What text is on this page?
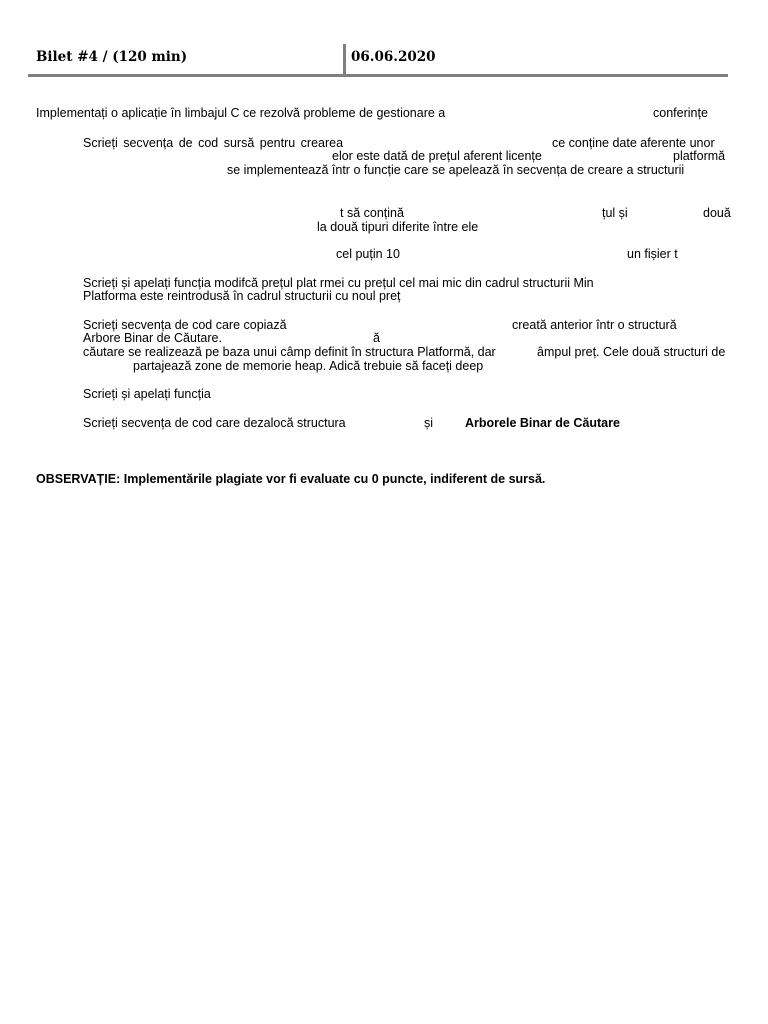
Bilet #4 / (120 min)	06.06.2020
Implementați o aplicație în limbajul C ce rezolvă probleme de gestionare a	conferințe
Scrieți secvența de cod sursă pentru crearea	ce conține date aferente unor
elor este dată de prețul aferent licențe	platformă
se implementează într o funcție care se apelează în secvența de creare a structurii
t să conțină	țul și	două
la două tipuri diferite între ele
cel puțin 10	un fișier t
Scrieți și apelați funcția modifcă prețul plat rmei cu prețul cel mai mic din cadrul structurii Min
Platforma este reintrodusă în cadrul structurii cu noul preț
Scrieți secvența de cod care copiază	creată anterior într o structură
Arbore Binar de Căutare.	ă
căutare se realizează pe baza unui câmp definit în structura Platformă, dar	âmpul preț. Cele două structuri de
partajează zone de memorie heap. Adică trebuie să faceți deep
Scrieți și apelați funcția
Scrieți secvența de cod care dezalocă structura	și	Arborele Binar de Căutare
OBSERVAȚIE: Implementările plagiate vor fi evaluate cu 0 puncte, indiferent de sursă.
